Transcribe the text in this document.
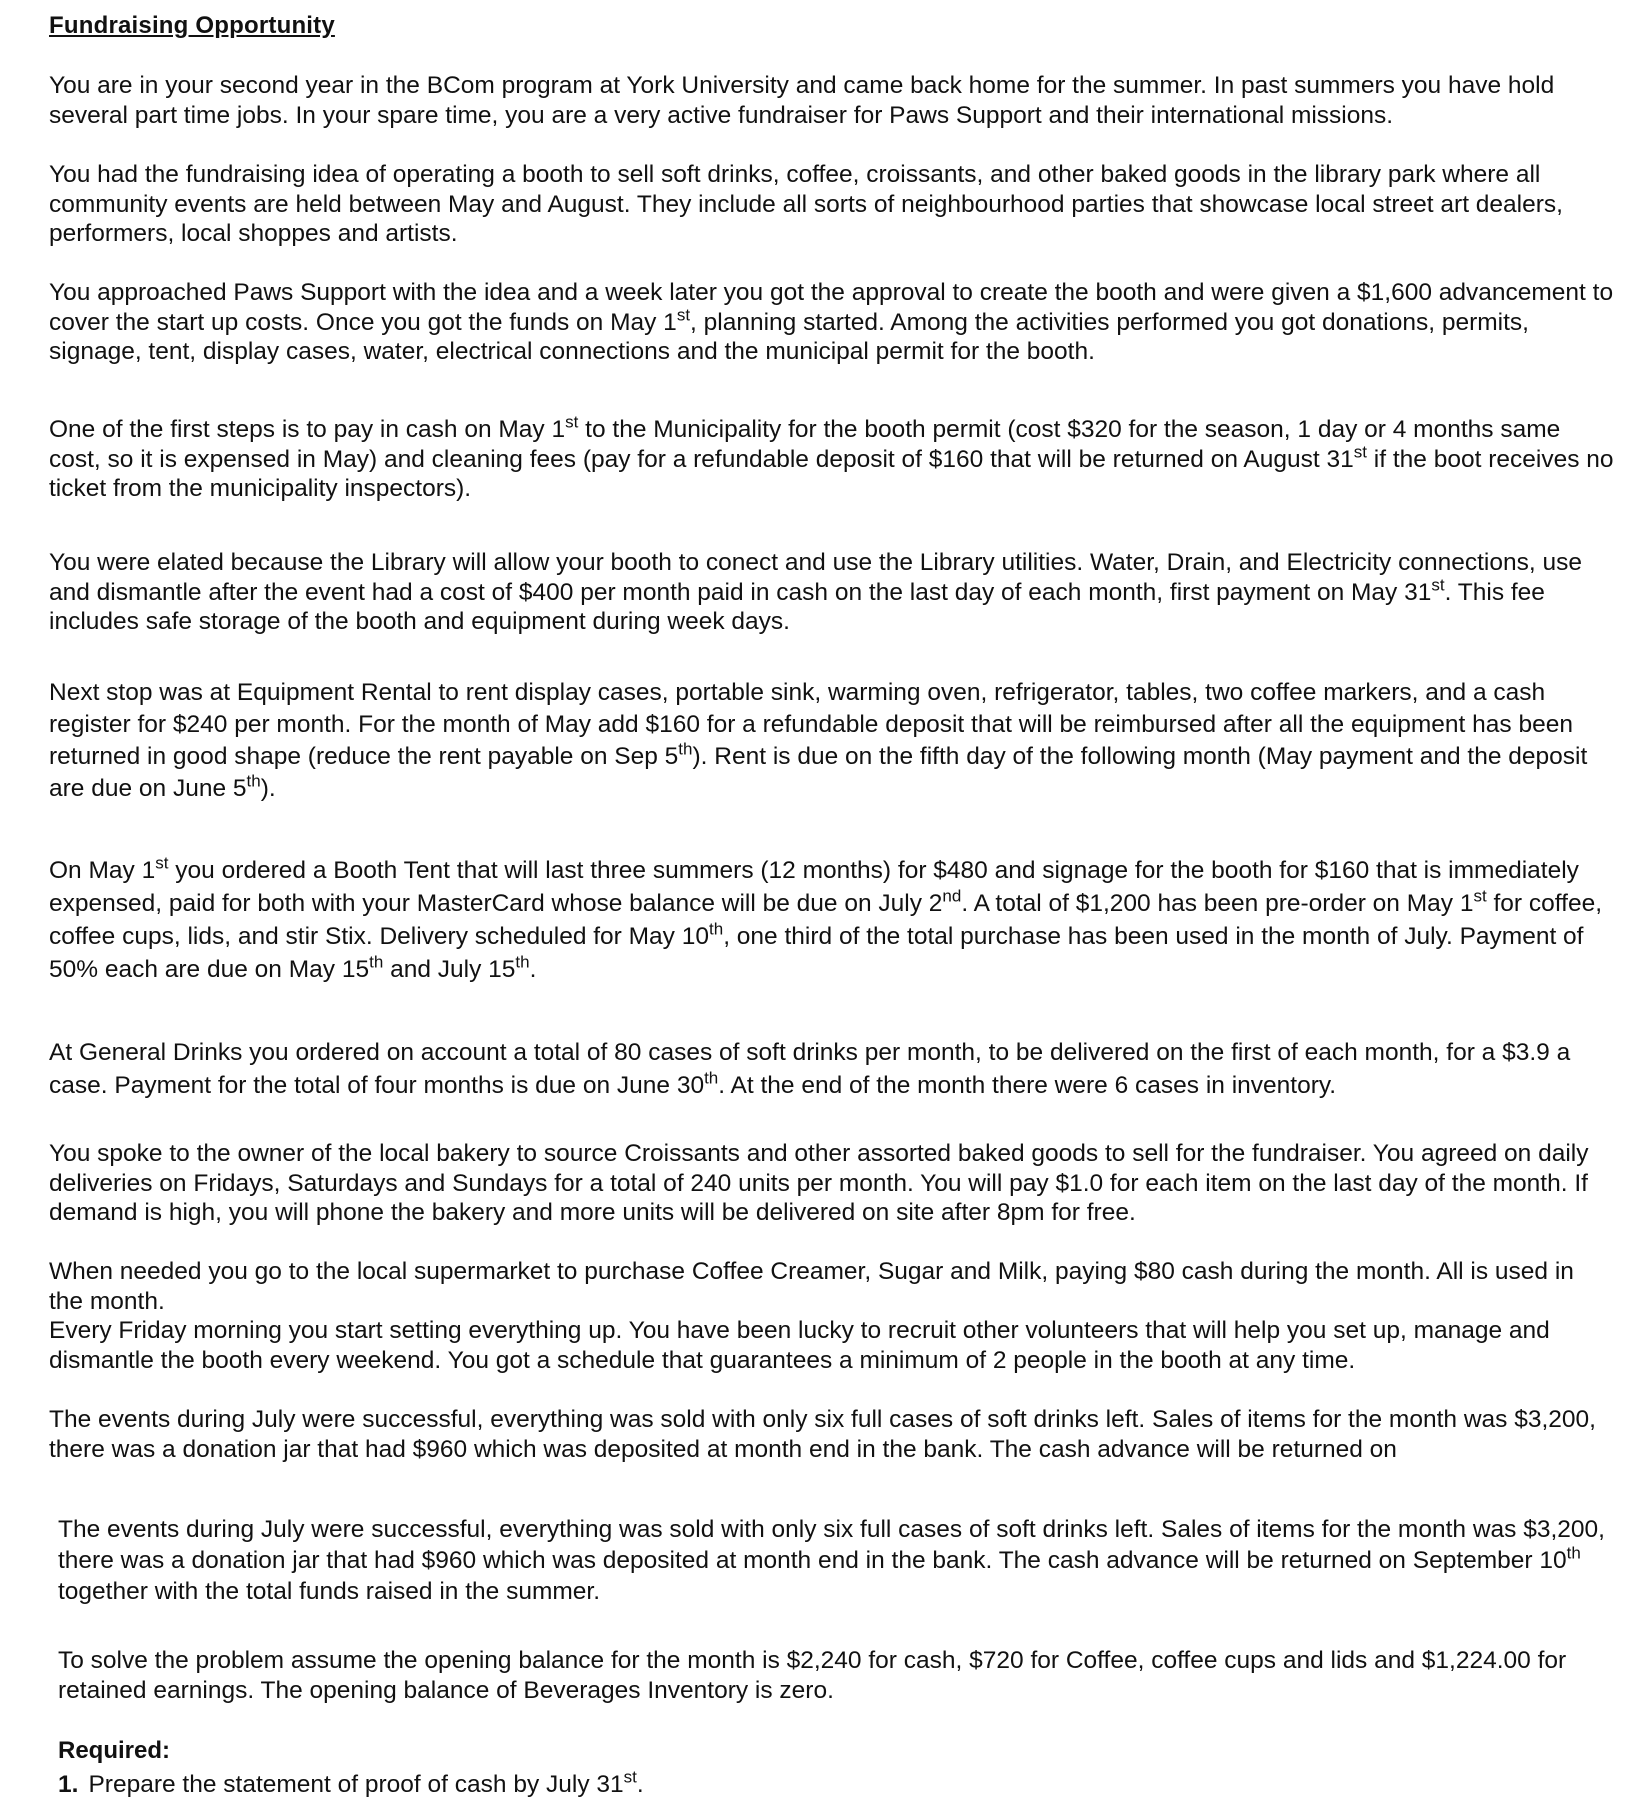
Fundraising Opportunity

You are in your second year in the BCom program at York University and came back home for the summer. In past summers you have hold several part time jobs. In your spare time, you are a very active fundraiser for Paws Support and their international missions.

You had the fundraising idea of operating a booth to sell soft drinks, coffee, croissants, and other baked goods in the library park where all community events are held between May and August. They include all sorts of neighbourhood parties that showcase local street art dealers, performers, local shoppes and artists.

You approached Paws Support with the idea and a week later you got the approval to create the booth and were given a $1,600 advancement to cover the start up costs. Once you got the funds on May 1st, planning started. Among the activities performed you got donations, permits, signage, tent, display cases, water, electrical connections and the municipal permit for the booth.

One of the first steps is to pay in cash on May 1st to the Municipality for the booth permit (cost $320 for the season, 1 day or 4 months same cost, so it is expensed in May) and cleaning fees (pay for a refundable deposit of $160 that will be returned on August 31st if the boot receives no ticket from the municipality inspectors).

You were elated because the Library will allow your booth to conect and use the Library utilities. Water, Drain, and Electricity connections, use and dismantle after the event had a cost of $400 per month paid in cash on the last day of each month, first payment on May 31st. This fee includes safe storage of the booth and equipment during week days.

Next stop was at Equipment Rental to rent display cases, portable sink, warming oven, refrigerator, tables, two coffee markers, and a cash register for $240 per month. For the month of May add $160 for a refundable deposit that will be reimbursed after all the equipment has been returned in good shape (reduce the rent payable on Sep 5th). Rent is due on the fifth day of the following month (May payment and the deposit are due on June 5th).

On May 1st you ordered a Booth Tent that will last three summers (12 months) for $480 and signage for the booth for $160 that is immediately expensed, paid for both with your MasterCard whose balance will be due on July 2nd. A total of $1,200 has been pre-order on May 1st for coffee, coffee cups, lids, and stir Stix. Delivery scheduled for May 10th, one third of the total purchase has been used in the month of July. Payment of 50% each are due on May 15th and July 15th.

At General Drinks you ordered on account a total of 80 cases of soft drinks per month, to be delivered on the first of each month, for a $3.9 a case. Payment for the total of four months is due on June 30th. At the end of the month there were 6 cases in inventory.

You spoke to the owner of the local bakery to source Croissants and other assorted baked goods to sell for the fundraiser. You agreed on daily deliveries on Fridays, Saturdays and Sundays for a total of 240 units per month. You will pay $1.0 for each item on the last day of the month. If demand is high, you will phone the bakery and more units will be delivered on site after 8pm for free.

When needed you go to the local supermarket to purchase Coffee Creamer, Sugar and Milk, paying $80 cash during the month. All is used in the month.

Every Friday morning you start setting everything up. You have been lucky to recruit other volunteers that will help you set up, manage and dismantle the booth every weekend. You got a schedule that guarantees a minimum of 2 people in the booth at any time.

The events during July were successful, everything was sold with only six full cases of soft drinks left. Sales of items for the month was $3,200, there was a donation jar that had $960 which was deposited at month end in the bank. The cash advance will be returned on

The events during July were successful, everything was sold with only six full cases of soft drinks left. Sales of items for the month was $3,200, there was a donation jar that had $960 which was deposited at month end in the bank. The cash advance will be returned on September 10th together with the total funds raised in the summer.

To solve the problem assume the opening balance for the month is $2,240 for cash, $720 for Coffee, coffee cups and lids and $1,224.00 for retained earnings. The opening balance of Beverages Inventory is zero.

Required:
1. Prepare the statement of proof of cash by July 31st.
